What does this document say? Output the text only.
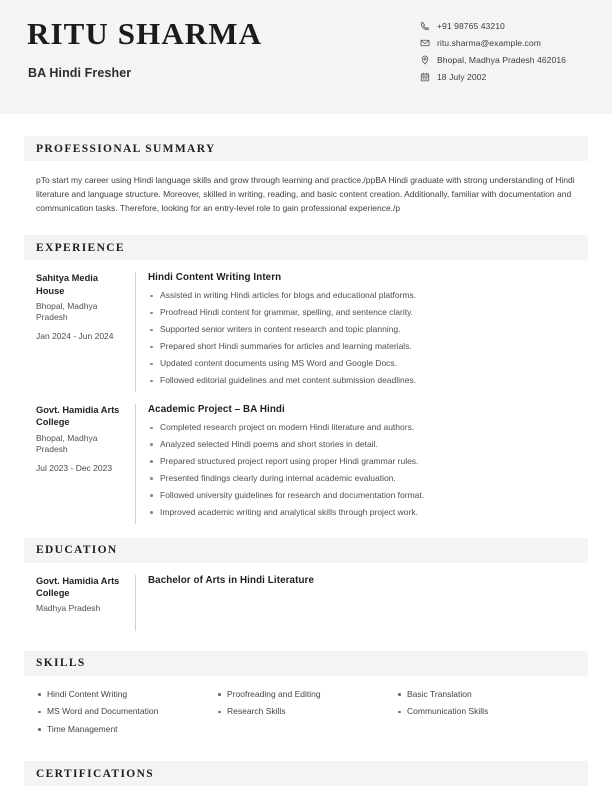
RITU SHARMA
BA Hindi Fresher
+91 98765 43210
ritu.sharma@example.com
Bhopal, Madhya Pradesh 462016
18 July 2002
PROFESSIONAL SUMMARY
pTo start my career using Hindi language skills and grow through learning and practice./ppBA Hindi graduate with strong understanding of Hindi literature and language structure. Moreover, skilled in writing, reading, and basic content creation. Additionally, familiar with documentation and communication tasks. Therefore, looking for an entry-level role to gain professional experience./p
EXPERIENCE
Sahitya Media House
Bhopal, Madhya Pradesh
Jan 2024 - Jun 2024
Hindi Content Writing Intern
Assisted in writing Hindi articles for blogs and educational platforms.
Proofread Hindi content for grammar, spelling, and sentence clarity.
Supported senior writers in content research and topic planning.
Prepared short Hindi summaries for articles and learning materials.
Updated content documents using MS Word and Google Docs.
Followed editorial guidelines and met content submission deadlines.
Govt. Hamidia Arts College
Bhopal, Madhya Pradesh
Jul 2023 - Dec 2023
Academic Project – BA Hindi
Completed research project on modern Hindi literature and authors.
Analyzed selected Hindi poems and short stories in detail.
Prepared structured project report using proper Hindi grammar rules.
Presented findings clearly during internal academic evaluation.
Followed university guidelines for research and documentation format.
Improved academic writing and analytical skills through project work.
EDUCATION
Govt. Hamidia Arts College
Madhya Pradesh
Bachelor of Arts in Hindi Literature
SKILLS
Hindi Content Writing
MS Word and Documentation
Time Management
Proofreading and Editing
Research Skills
Basic Translation
Communication Skills
CERTIFICATIONS
